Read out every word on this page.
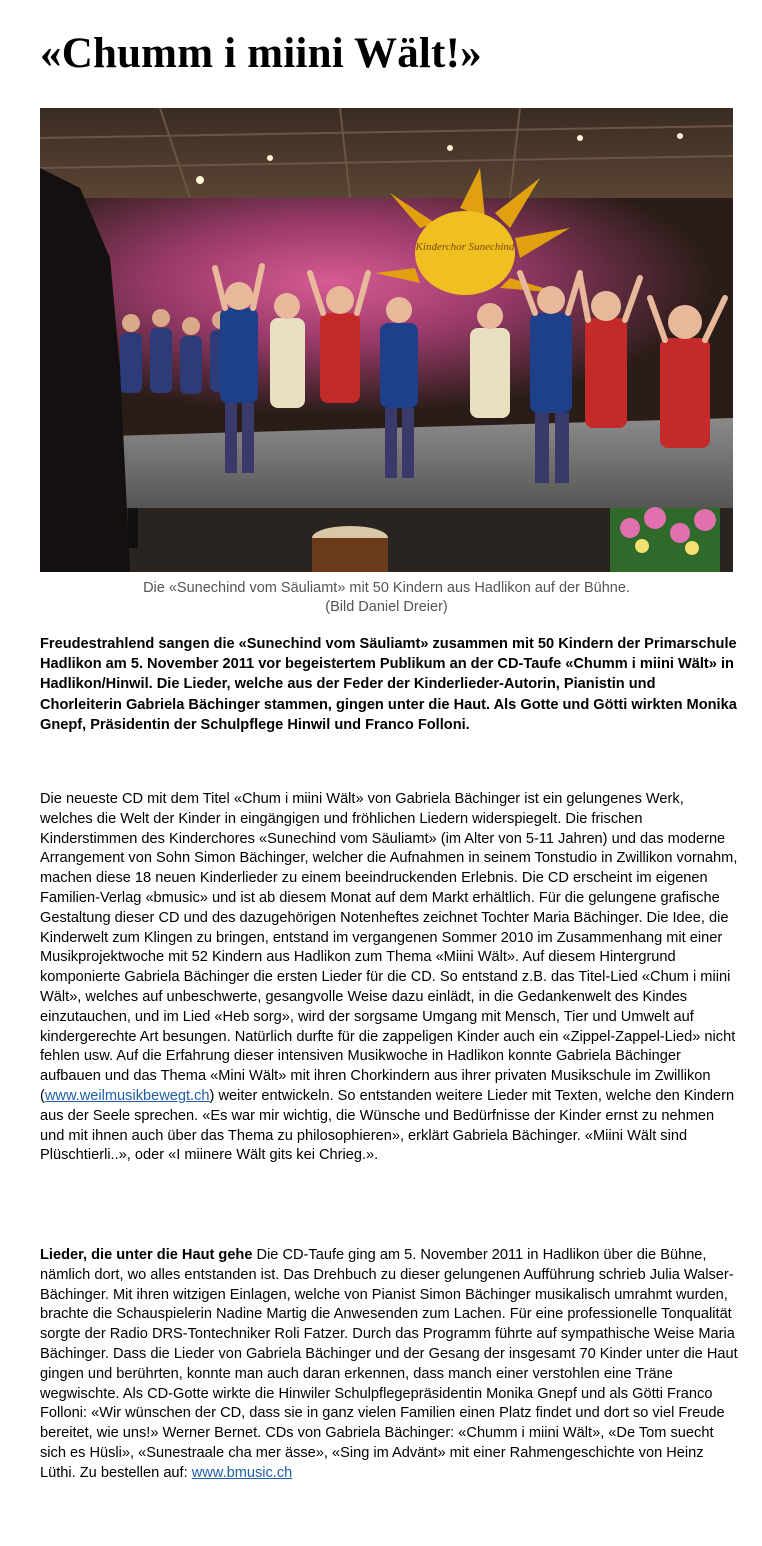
«Chumm i miini Wält!»
Kinderchor Sunechind
Die «Sunechind vom Säuliamt» mit 50 Kindern aus Hadlikon auf der Bühne.
(Bild Daniel Dreier)

Freudestrahlend sangen die «Sunechind vom Säuliamt» zusammen mit 50 Kindern der Primarschule Hadlikon am 5. November 2011 vor begeistertem Publikum an der CD-Taufe «Chumm i miini Wält» in Hadlikon/Hinwil. Die Lieder, welche aus der Feder der Kinderlieder-Autorin, Pianistin und Chorleiterin Gabriela Bächinger stammen, gingen unter die Haut. Als Gotte und Götti wirkten Monika Gnepf, Präsidentin der Schulpflege Hinwil und Franco Folloni.

Die neueste CD mit dem Titel «Chum i miini Wält» von Gabriela Bächinger ist ein gelungenes Werk, welches die Welt der Kinder in eingängigen und fröhlichen Liedern widerspiegelt. Die frischen Kinderstimmen des Kinderchores «Sunechind vom Säuliamt» (im Alter von 5-11 Jahren) und das moderne Arrangement von Sohn Simon Bächinger, welcher die Aufnahmen in seinem Tonstudio in Zwillikon vornahm, machen diese 18 neuen Kinderlieder zu einem beeindruckenden Erlebnis. Die CD erscheint im eigenen Familien-Verlag «bmusic» und ist ab diesem Monat auf dem Markt erhältlich. Für die gelungene grafische Gestaltung dieser CD und des dazugehörigen Notenheftes zeichnet Tochter Maria Bächinger. Die Idee, die Kinderwelt zum Klingen zu bringen, entstand im vergangenen Sommer 2010 im Zusammenhang mit einer Musikprojektwoche mit 52 Kindern aus Hadlikon zum Thema «Miini Wält». Auf diesem Hintergrund komponierte Gabriela Bächinger die ersten Lieder für die CD. So entstand z.B. das Titel-Lied «Chum i miini Wält», welches auf unbeschwerte, gesangvolle Weise dazu einlädt, in die Gedankenwelt des Kindes einzutauchen, und im Lied «Heb sorg», wird der sorgsame Umgang mit Mensch, Tier und Umwelt auf kindergerechte Art besungen. Natürlich durfte für die zappeligen Kinder auch ein «Zippel-Zappel-Lied» nicht fehlen usw. Auf die Erfahrung dieser intensiven Musikwoche in Hadlikon konnte Gabriela Bächinger aufbauen und das Thema «Mini Wält» mit ihren Chorkindern aus ihrer privaten Musikschule im Zwillikon (www.weilmusikbewegt.ch) weiter entwickeln. So entstanden weitere Lieder mit Texten, welche den Kindern aus der Seele sprechen. «Es war mir wichtig, die Wünsche und Bedürfnisse der Kinder ernst zu nehmen und mit ihnen auch über das Thema zu philosophieren», erklärt Gabriela Bächinger. «Miini Wält sind Plüschtierli..», oder «I miinere Wält gits kei Chrieg.».

Lieder, die unter die Haut gehe Die CD-Taufe ging am 5. November 2011 in Hadlikon über die Bühne, nämlich dort, wo alles entstanden ist. Das Drehbuch zu dieser gelungenen Aufführung schrieb Julia Walser-Bächinger. Mit ihren witzigen Einlagen, welche von Pianist Simon Bächinger musikalisch umrahmt wurden, brachte die Schauspielerin Nadine Martig die Anwesenden zum Lachen. Für eine professionelle Tonqualität sorgte der Radio DRS-Tontechniker Roli Fatzer. Durch das Programm führte auf sympathische Weise Maria Bächinger. Dass die Lieder von Gabriela Bächinger und der Gesang der insgesamt 70 Kinder unter die Haut gingen und berührten, konnte man auch daran erkennen, dass manch einer verstohlen eine Träne wegwischte. Als CD-Gotte wirkte die Hinwiler Schulpflegepräsidentin Monika Gnepf und als Götti Franco Folloni: «Wir wünschen der CD, dass sie in ganz vielen Familien einen Platz findet und dort so viel Freude bereitet, wie uns!» Werner Bernet. CDs von Gabriela Bächinger: «Chumm i miini Wält», «De Tom suecht sich es Hüsli», «Sunestraale cha mer ässe», «Sing im Advänt» mit einer Rahmengeschichte von Heinz Lüthi. Zu bestellen auf: www.bmusic.ch
